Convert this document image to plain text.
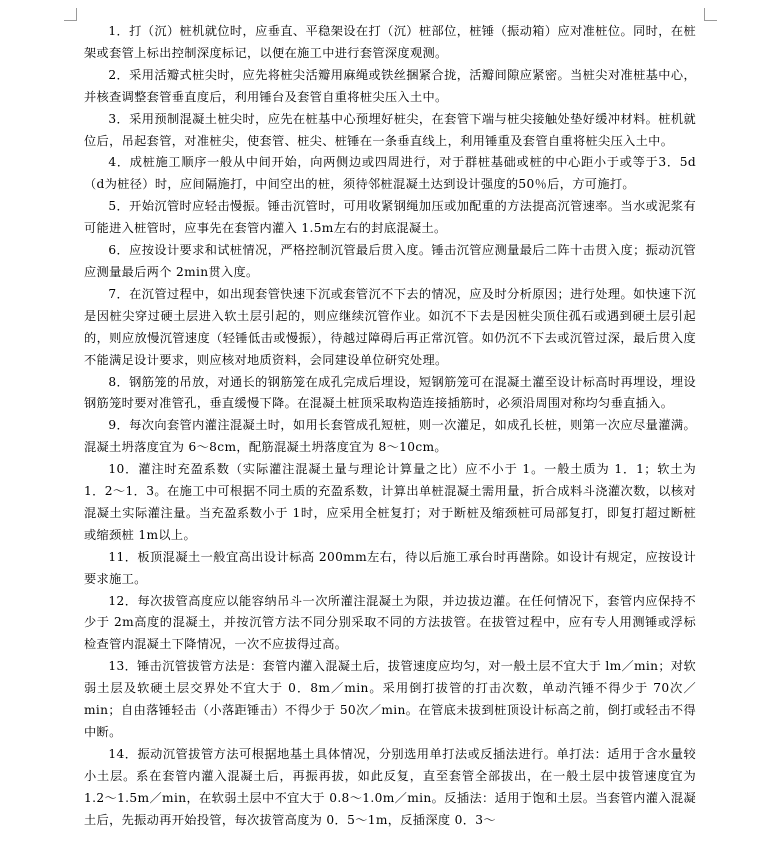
1．打（沉）桩机就位时，应垂直、平稳架设在打（沉）桩部位，桩锤（振动箱）应对准桩位。同时，在桩架或套管上标出控制深度标记，以便在施工中进行套管深度观测。

2．采用活瓣式桩尖时，应先将桩尖活瓣用麻绳或铁丝捆紧合拢，活瓣间隙应紧密。当桩尖对准桩基中心，并核查调整套管垂直度后，利用锤台及套管自重将桩尖压入土中。

3．采用预制混凝土桩尖时，应先在桩基中心预埋好桩尖，在套管下端与桩尖接触处垫好缓冲材料。桩机就位后，吊起套管，对准桩尖，使套管、桩尖、桩锤在一条垂直线上，利用锤重及套管自重将桩尖压入土中。

4．成桩施工顺序一般从中间开始，向两侧边或四周进行，对于群桩基础或桩的中心距小于或等于3．5d（d为桩径）时，应间隔施打，中间空出的桩，须待邻桩混凝土达到设计强度的50％后，方可施打。

5．开始沉管时应轻击慢振。锤击沉管时，可用收紧钢绳加压或加配重的方法提高沉管速率。当水或泥浆有可能进入桩管时，应事先在套管内灌入 1.5m左右的封底混凝土。

6．应按设计要求和试桩情况，严格控制沉管最后贯入度。锤击沉管应测量最后二阵十击贯入度；振动沉管应测量最后两个 2min贯入度。

7．在沉管过程中，如出现套管快速下沉或套管沉不下去的情况，应及时分析原因；进行处理。如快速下沉是因桩尖穿过硬土层进入软土层引起的，则应继续沉管作业。如沉不下去是因桩尖顶住孤石或遇到硬土层引起的，则应放慢沉管速度（轻锤低击或慢振），待越过障碍后再正常沉管。如仍沉不下去或沉管过深，最后贯入度不能满足设计要求，则应核对地质资料，会同建设单位研究处理。

8．钢筋笼的吊放，对通长的钢筋笼在成孔完成后埋设，短钢筋笼可在混凝土灌至设计标高时再埋设，埋设钢筋笼时要对准管孔，垂直缓慢下降。在混凝土桩顶采取构造连接插筋时，必须沿周围对称均匀垂直插入。

9．每次向套管内灌注混凝土时，如用长套管成孔短桩，则一次灌足，如成孔长桩，则第一次应尽量灌满。混凝土坍落度宜为 6～8cm，配筋混凝土坍落度宜为 8～10cm。

10．灌注时充盈系数（实际灌注混凝土量与理论计算量之比）应不小于 1。一般土质为 1．1；软土为 1．2～1．3。在施工中可根据不同土质的充盈系数，计算出单桩混凝土需用量，折合成料斗浇灌次数，以核对混凝土实际灌注量。当充盈系数小于 1时，应采用全桩复打；对于断桩及缩颈桩可局部复打，即复打超过断桩或缩颈桩 1m以上。

11．板顶混凝土一般宜高出设计标高 200mm左右，待以后施工承台时再凿除。如设计有规定，应按设计要求施工。

12．每次拔管高度应以能容纳吊斗一次所灌注混凝土为限，并边拔边灌。在任何情况下，套管内应保持不少于 2m高度的混凝土，并按沉管方法不同分别采取不同的方法拔管。在拔管过程中，应有专人用测锤或浮标检查管内混凝土下降情况，一次不应拔得过高。

13．锤击沉管拔管方法是：套管内灌入混凝土后，拔管速度应均匀，对一般土层不宜大于 lm／min；对软弱土层及软硬土层交界处不宜大于 0．8m／min。采用倒打拔管的打击次数，单动汽锤不得少于 70次／min；自由落锤轻击（小落距锤击）不得少于 50次／min。在管底未拔到桩顶设计标高之前，倒打或轻击不得中断。

14．振动沉管拔管方法可根据地基土具体情况，分别选用单打法或反插法进行。单打法：适用于含水量较小土层。系在套管内灌入混凝土后，再振再拔，如此反复，直至套管全部拔出，在一般土层中拔管速度宜为 1.2～1.5m／min，在软弱土层中不宜大于 0.8～1.0m／min。反插法：适用于饱和土层。当套管内灌入混凝土后，先振动再开始投管，每次拔管高度为 0．5～1m，反插深度 0．3～
